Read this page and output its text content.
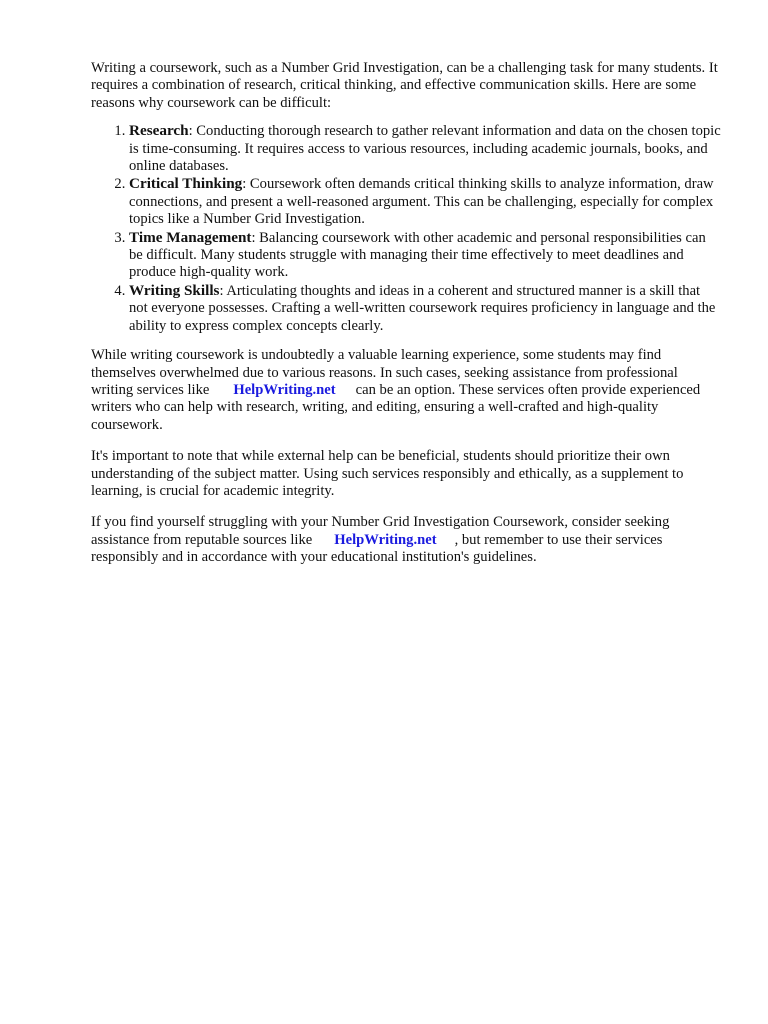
Writing a coursework, such as a Number Grid Investigation, can be a challenging task for many students. It requires a combination of research, critical thinking, and effective communication skills. Here are some reasons why coursework can be difficult:

1. Research: Conducting thorough research to gather relevant information and data on the chosen topic is time-consuming. It requires access to various resources, including academic journals, books, and online databases.
2. Critical Thinking: Coursework often demands critical thinking skills to analyze information, draw connections, and present a well-reasoned argument. This can be challenging, especially for complex topics like a Number Grid Investigation.
3. Time Management: Balancing coursework with other academic and personal responsibilities can be difficult. Many students struggle with managing their time effectively to meet deadlines and produce high-quality work.
4. Writing Skills: Articulating thoughts and ideas in a coherent and structured manner is a skill that not everyone possesses. Crafting a well-written coursework requires proficiency in language and the ability to express complex concepts clearly.

While writing coursework is undoubtedly a valuable learning experience, some students may find themselves overwhelmed due to various reasons. In such cases, seeking assistance from professional writing services like HelpWriting.net can be an option. These services often provide experienced writers who can help with research, writing, and editing, ensuring a well-crafted and high-quality coursework.

It's important to note that while external help can be beneficial, students should prioritize their own understanding of the subject matter. Using such services responsibly and ethically, as a supplement to learning, is crucial for academic integrity.

If you find yourself struggling with your Number Grid Investigation Coursework, consider seeking assistance from reputable sources like HelpWriting.net , but remember to use their services responsibly and in accordance with your educational institution's guidelines.
